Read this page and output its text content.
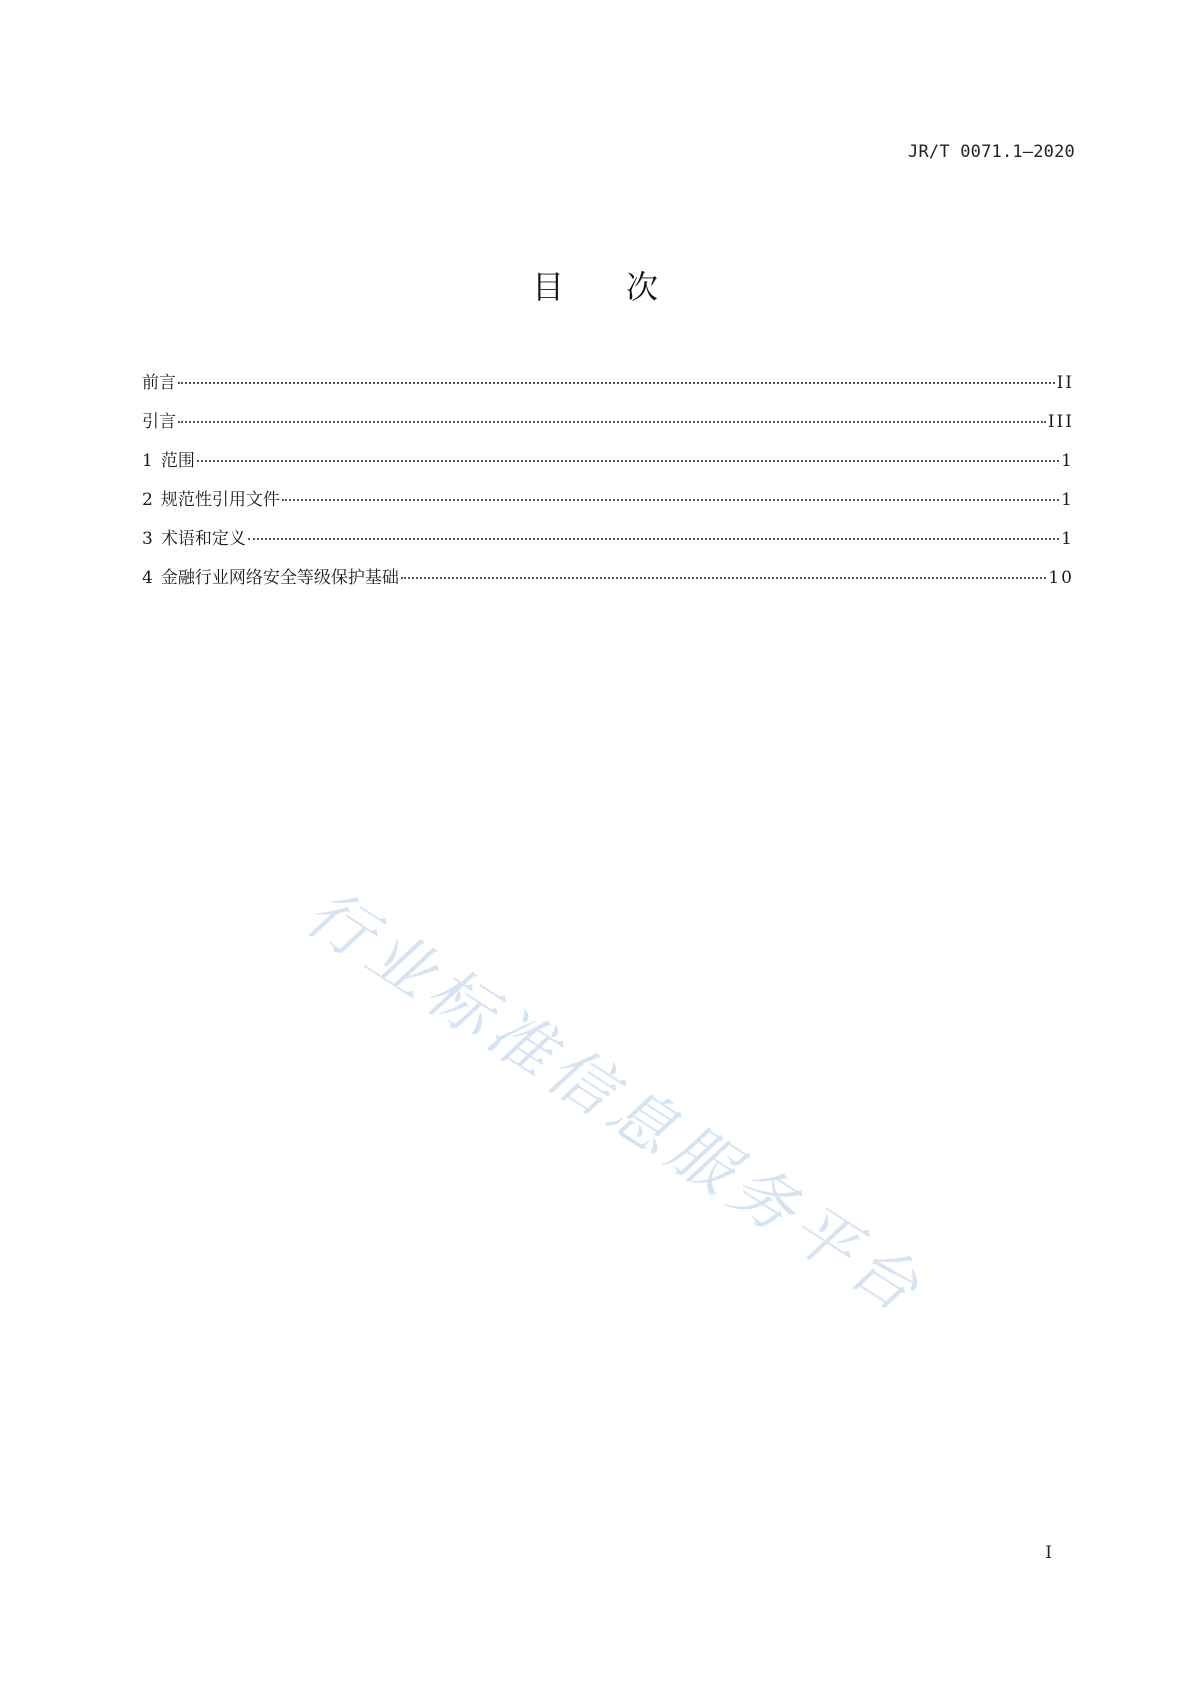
JR/T 0071.1—2020
目次
前言	II
引言	III
1 范围	1
2 规范性引用文件	1
3 术语和定义	1
4 金融行业网络安全等级保护基础	10
行业标准信息服务平台
I
